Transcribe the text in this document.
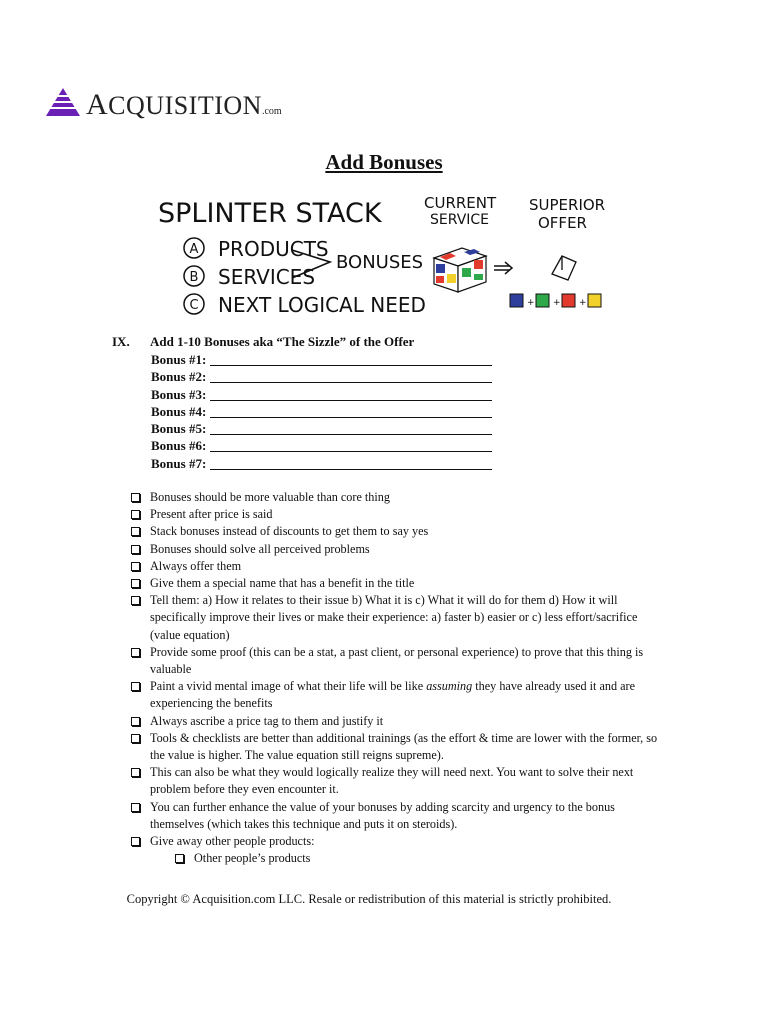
ACQUISITION.com
Add Bonuses
SPLINTER STACK
A PRODUCTS
B SERVICES
C NEXT LOGICAL NEED
BONUSES
CURRENT
SERVICE
SUPERIOR
OFFER
+ + +
IX. Add 1-10 Bonuses aka “The Sizzle” of the Offer
Bonus #1:
Bonus #2:
Bonus #3:
Bonus #4:
Bonus #5:
Bonus #6:
Bonus #7:
Bonuses should be more valuable than core thing
Present after price is said
Stack bonuses instead of discounts to get them to say yes
Bonuses should solve all perceived problems
Always offer them
Give them a special name that has a benefit in the title
Tell them: a) How it relates to their issue b) What it is c) What it will do for them d) How it will specifically improve their lives or make their experience: a) faster b) easier or c) less effort/sacrifice (value equation)
Provide some proof (this can be a stat, a past client, or personal experience) to prove that this thing is valuable
Paint a vivid mental image of what their life will be like assuming they have already used it and are experiencing the benefits
Always ascribe a price tag to them and justify it
Tools & checklists are better than additional trainings (as the effort & time are lower with the former, so the value is higher. The value equation still reigns supreme).
This can also be what they would logically realize they will need next. You want to solve their next problem before they even encounter it.
You can further enhance the value of your bonuses by adding scarcity and urgency to the bonus themselves (which takes this technique and puts it on steroids).
Give away other people products:
Other people’s products
Copyright © Acquisition.com LLC. Resale or redistribution of this material is strictly prohibited.
